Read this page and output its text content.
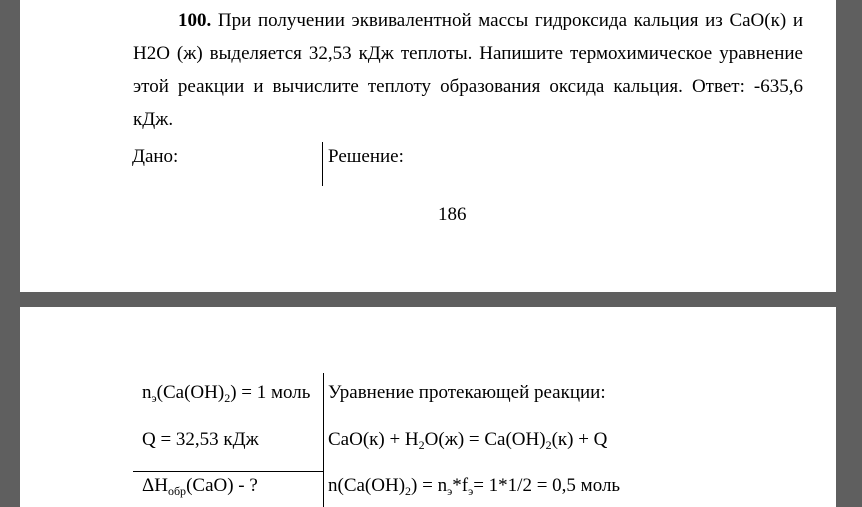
100. При получении эквивалентной массы гидроксида кальция из СаО(к) и Н2О (ж) выделяется 32,53 кДж теплоты. Напишите термохимическое уравнение этой реакции и вычислите теплоту образования оксида кальция. Ответ: -635,6 кДж.

Дано:	Решение:
186
$n_э(Ca(OH)_2) = 1$ моль
Q = 32,53 кДж
$\Delta H_{обр}(CaO)$ - ?
Уравнение протекающей реакции:
$CaO(к) + H_2O(ж) = Ca(OH)_2(к) + Q$
$n(Ca(OH)_2) = n_э*f_э= 1*1/2 = 0,5$ моль
